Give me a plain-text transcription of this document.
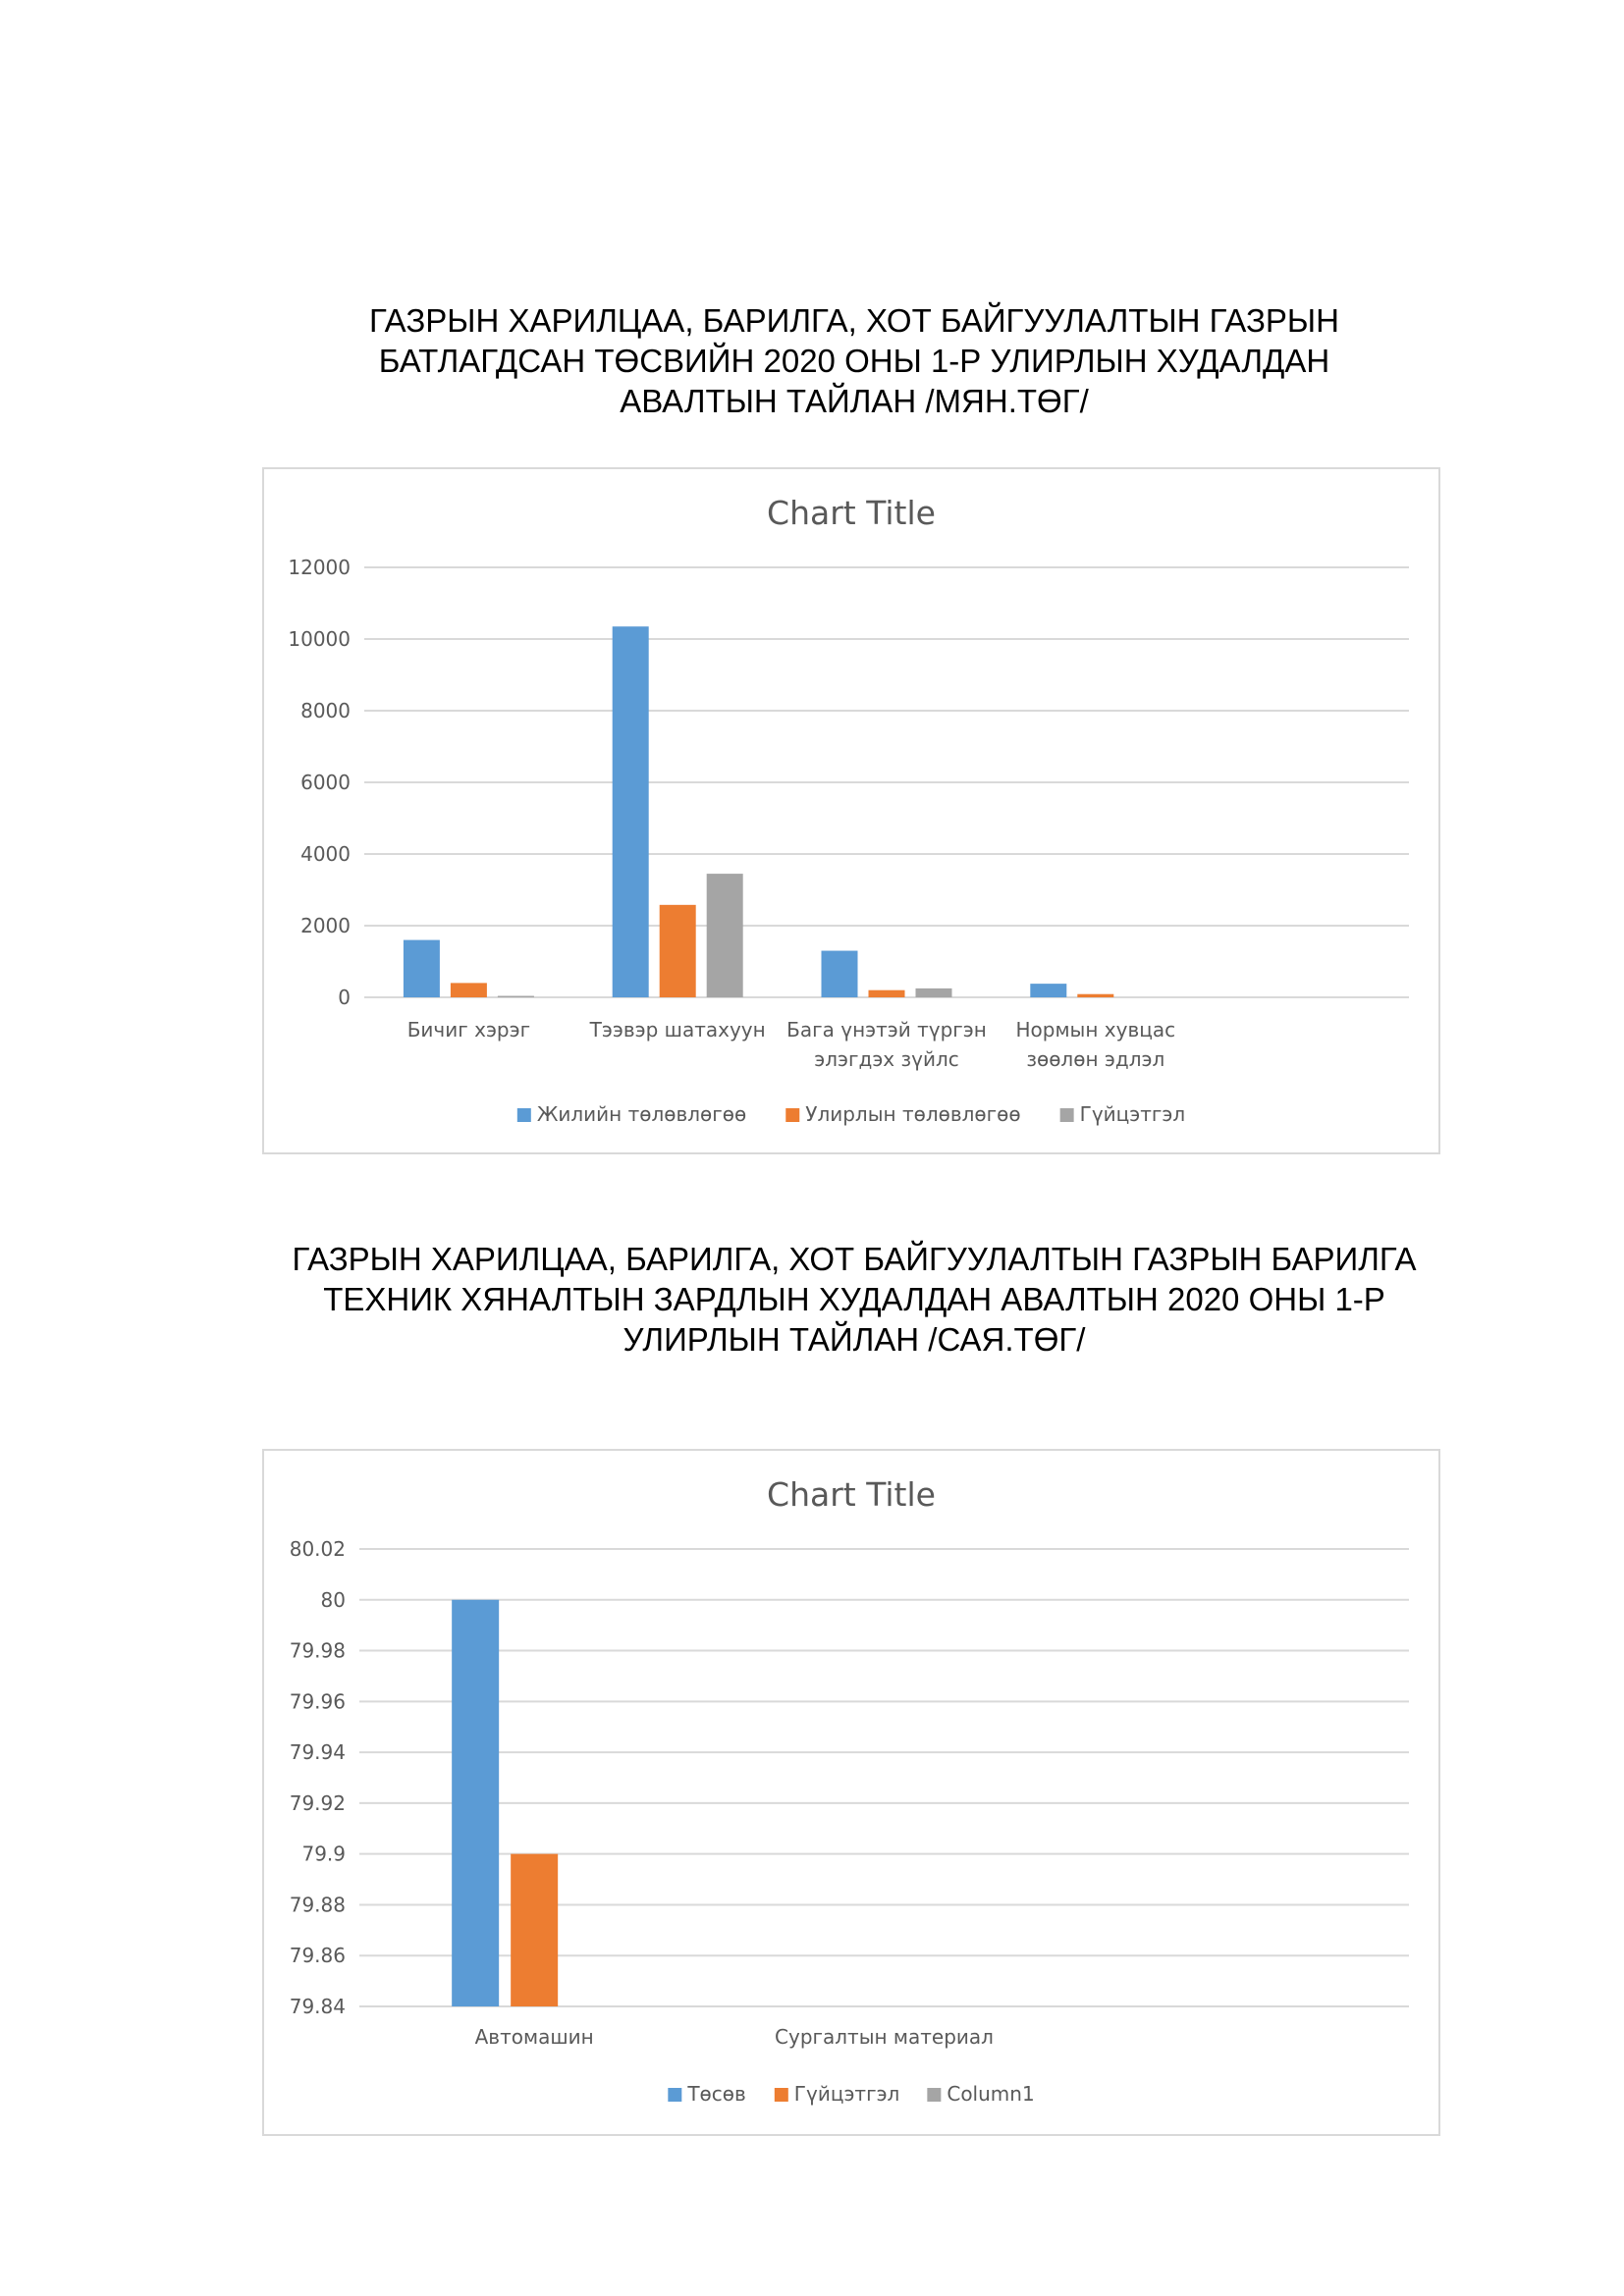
ГАЗРЫН ХАРИЛЦАА, БАРИЛГА, ХОТ БАЙГУУЛАЛТЫН ГАЗРЫН
БАТЛАГДСАН ТӨСВИЙН 2020 ОНЫ 1-Р УЛИРЛЫН ХУДАЛДАН
АВАЛТЫН ТАЙЛАН /МЯН.ТӨГ/
Chart Title
0
2000
4000
6000
8000
10000
12000
Бичиг хэрэг	Тээвэр шатахуун Бага үнэтэй түргэн
элэгдэх зүйлс
Нормын хувцас
зөөлөн эдлэл
Жилийн төлөвлөгөө	Улирлын төлөвлөгөө	Гүйцэтгэл
ГАЗРЫН ХАРИЛЦАА, БАРИЛГА, ХОТ БАЙГУУЛАЛТЫН ГАЗРЫН БАРИЛГА
ТЕХНИК ХЯНАЛТЫН ЗАРДЛЫН ХУДАЛДАН АВАЛТЫН 2020 ОНЫ 1-Р
УЛИРЛЫН ТАЙЛАН /САЯ.ТӨГ/
Chart Title
79.84
79.86
79.88
79.9
79.92
79.94
79.96
79.98
80
80.02
Автомашин	Сургалтын материал
Төсөв Гүйцэтгэл Column1
